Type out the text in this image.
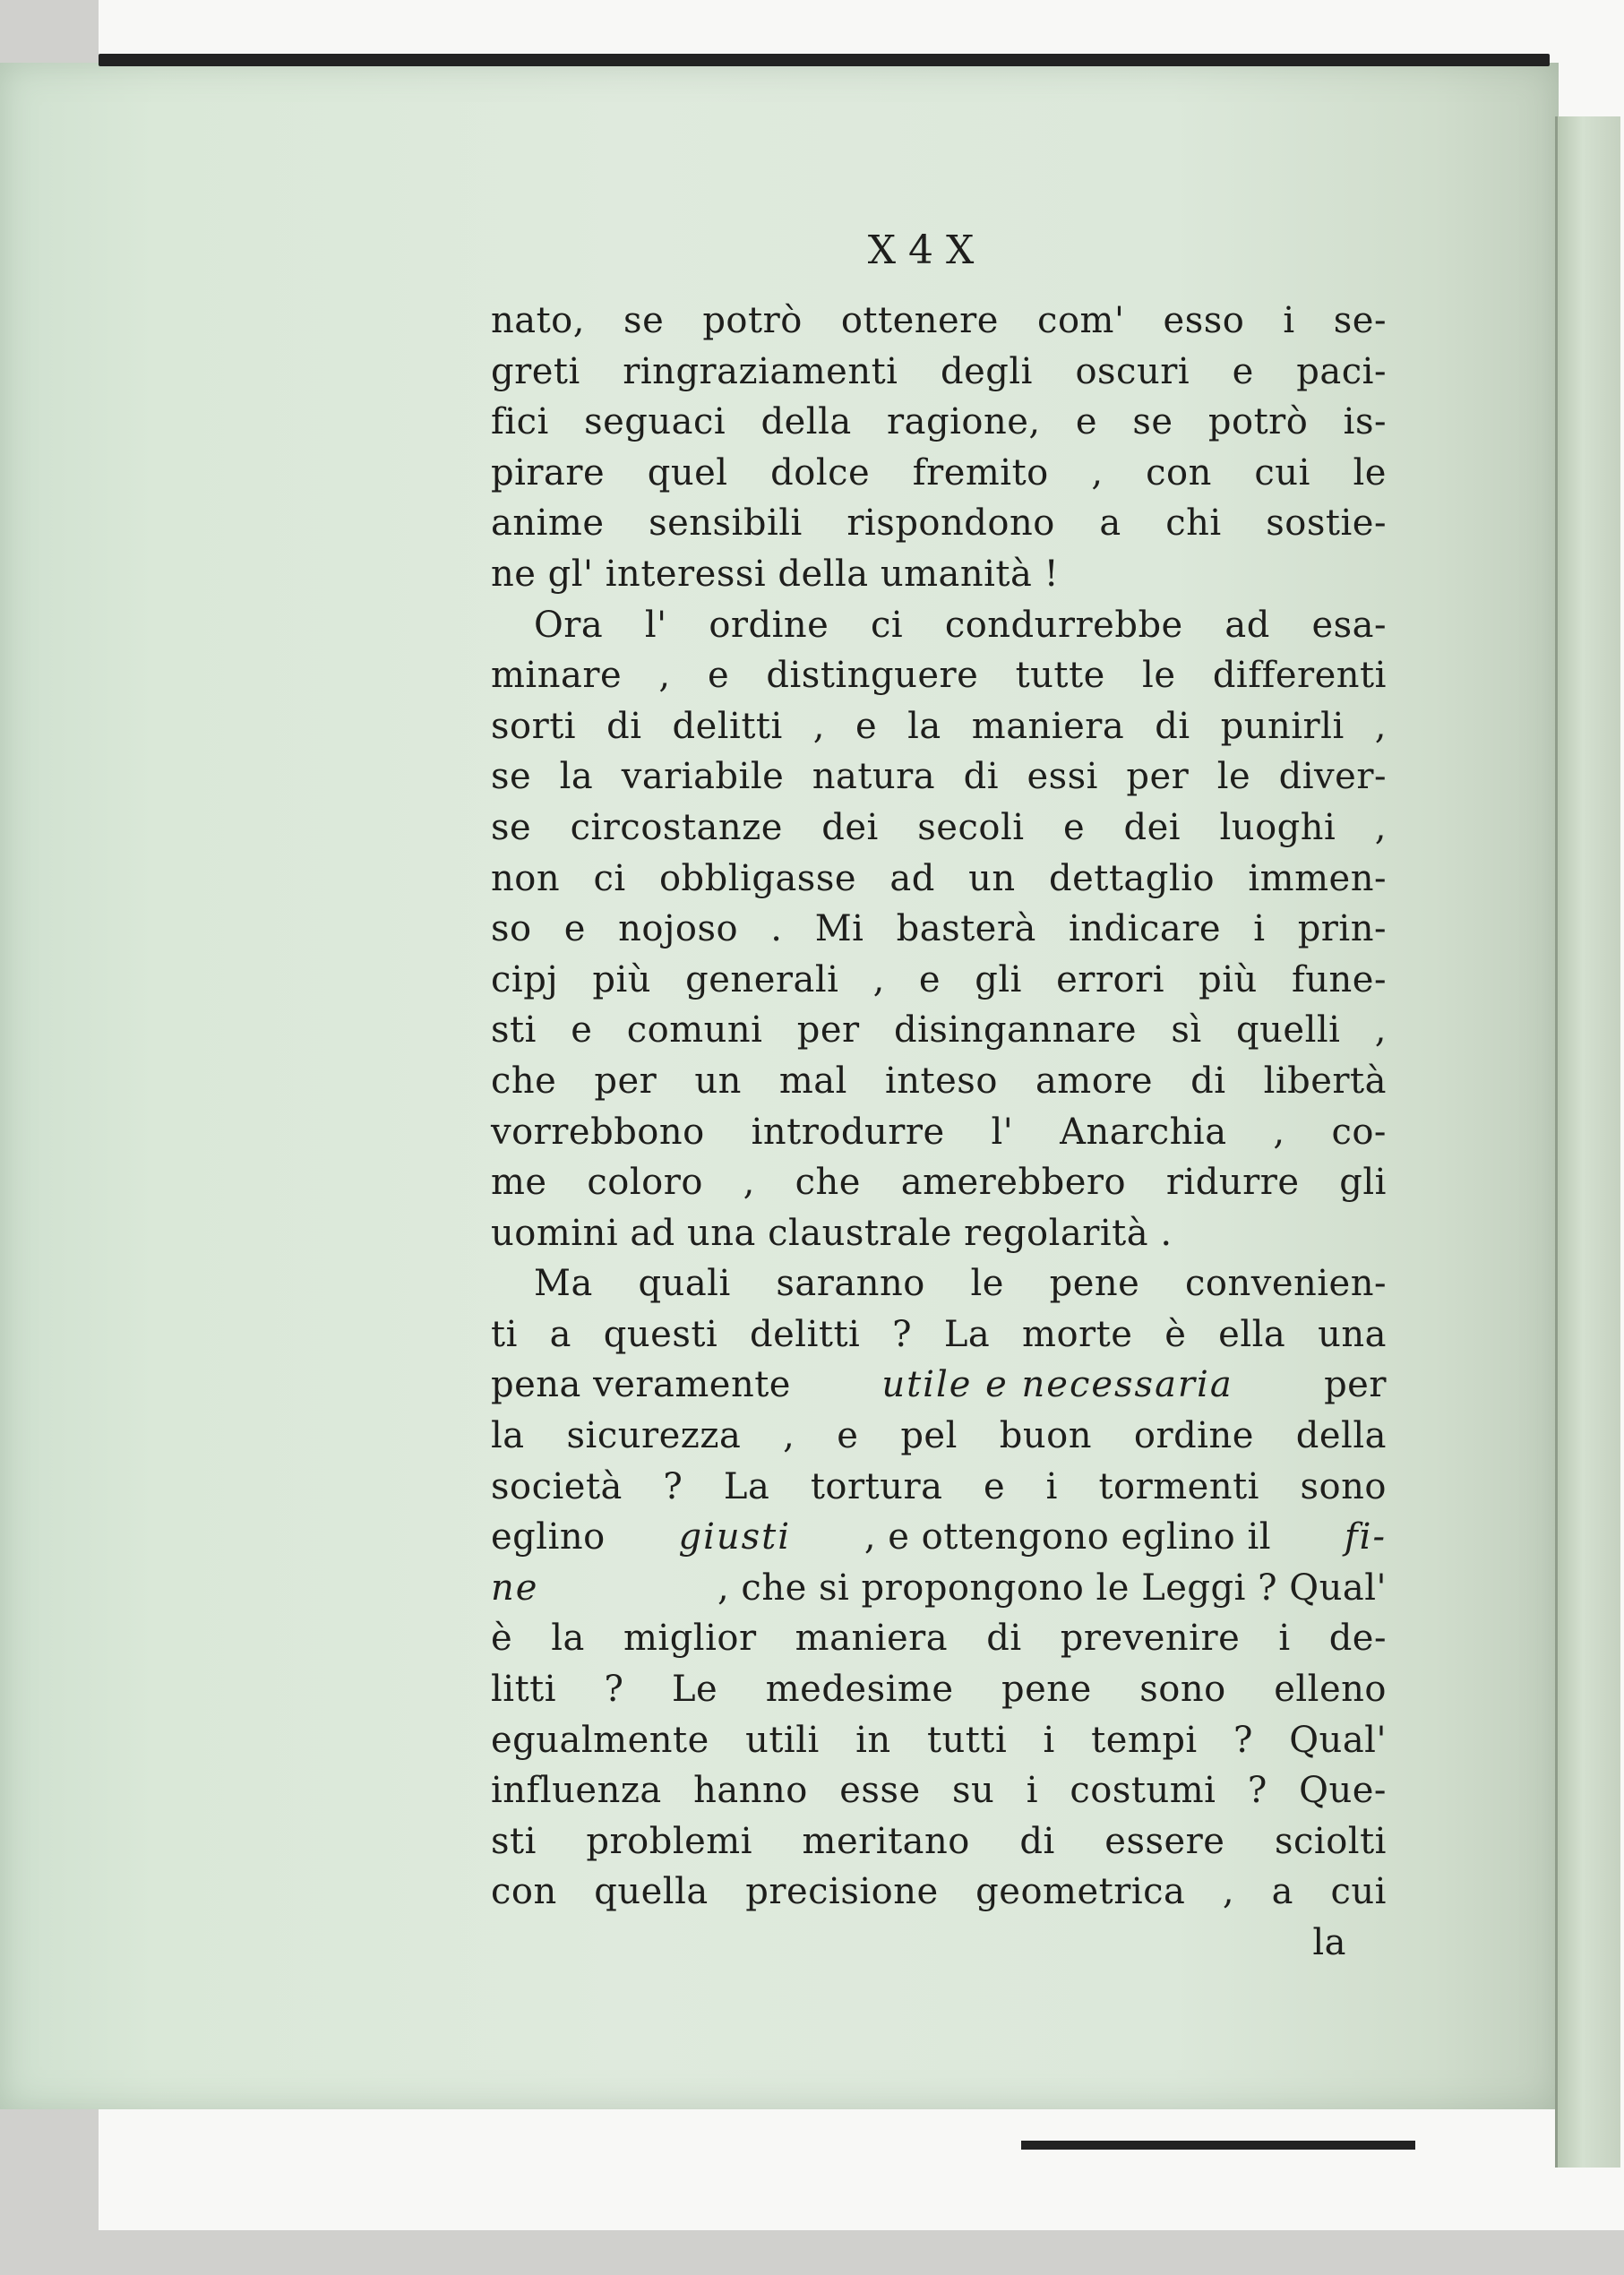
Ⅹ 4 Ⅹ
nato, se potrò ottenere com' esso i se-
greti ringraziamenti degli oscuri e paci-
fici seguaci della ragione, e se potrò is-
pirare quel dolce fremito , con cui le
anime sensibili rispondono a chi sostie-
ne gl' interessi della umanità !
Ora l' ordine ci condurrebbe ad esa-
minare , e distinguere tutte le differenti
sorti di delitti , e la maniera di punirli ,
se la variabile natura di essi per le diver-
se circostanze dei secoli e dei luoghi ,
non ci obbligasse ad un dettaglio immen-
so e nojoso . Mi basterà indicare i prin-
cipj più generali , e gli errori più fune-
sti e comuni per disingannare sì quelli ,
che per un mal inteso amore di libertà
vorrebbono introdurre l' Anarchia , co-
me coloro , che amerebbero ridurre gli
uomini ad una claustrale regolarità .
Ma quali saranno le pene convenien-
ti a questi delitti ? La morte è ella una
pena veramente utile e necessaria per
la sicurezza , e pel buon ordine della
società ? La tortura e i tormenti sono
eglino giusti , e ottengono eglino il fi-
ne	, che si propongono le Leggi ? Qual'
è la miglior maniera di prevenire i de-
litti ? Le medesime pene sono elleno
egualmente utili in tutti i tempi ? Qual'
influenza hanno esse su i costumi ? Que-
sti problemi meritano di essere sciolti
con quella precisione geometrica , a cui
la
